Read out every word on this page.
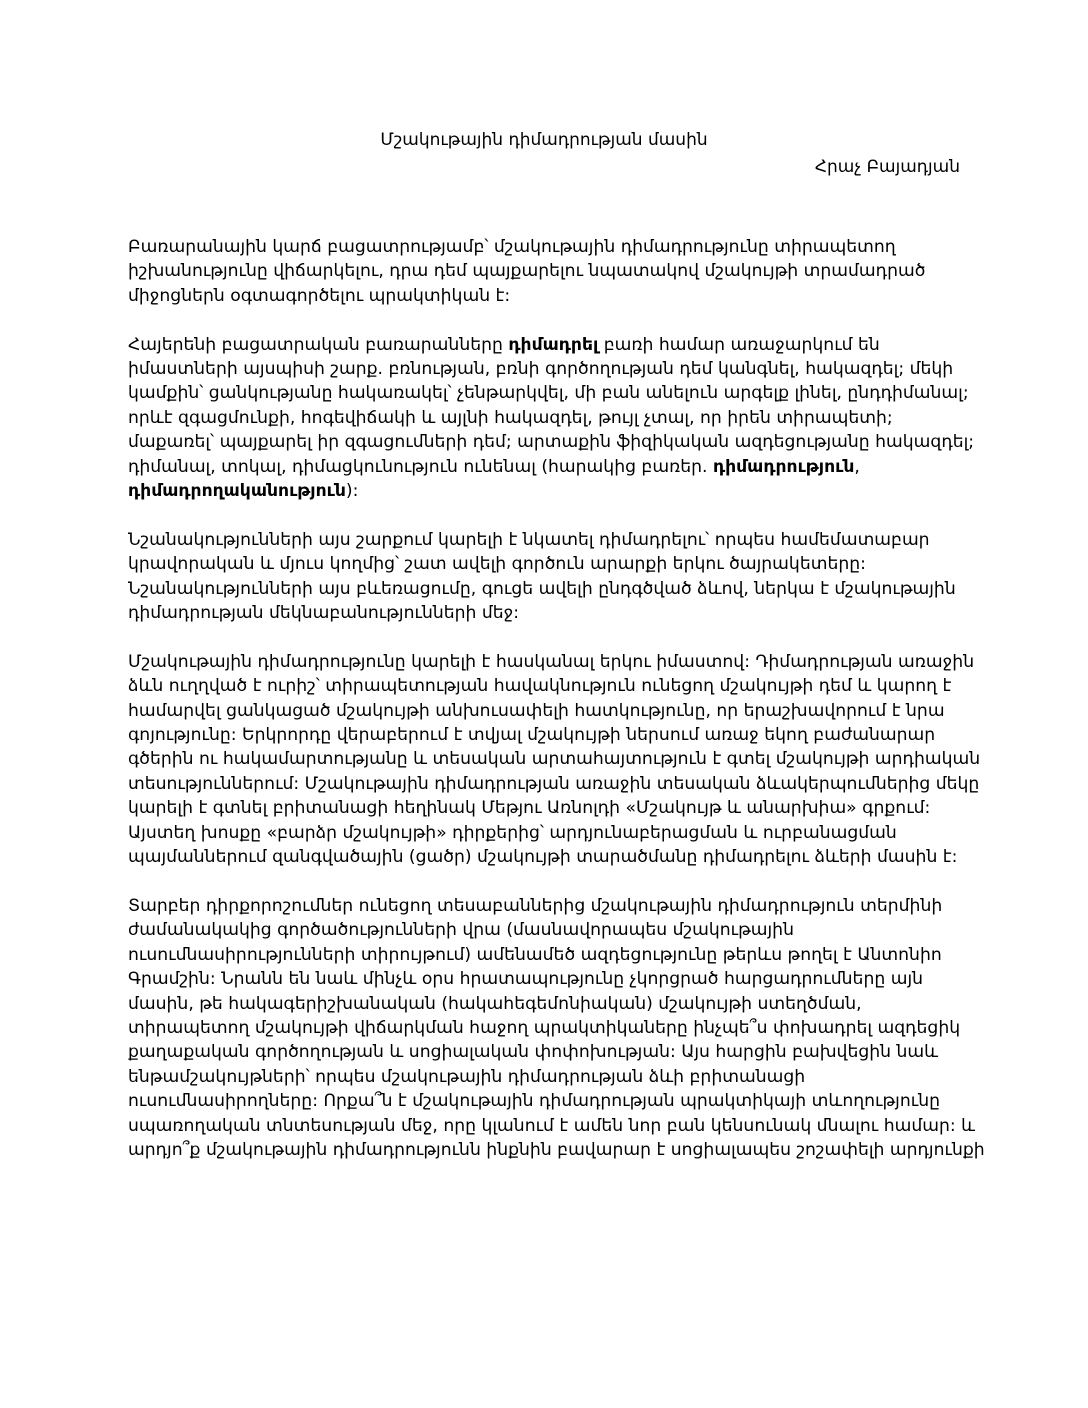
Մշակութային դիմադրության մասին

Հրաչ Բայադյան

Բառարանային կարճ բացատրությամբ՝ մշակութային դիմադրությունը տիրապետող
իշխանությունը վիճարկելու, դրա դեմ պայքարելու նպատակով մշակույթի տրամադրած
միջոցներն օգտագործելու պրակտիկան է:

Հայերենի բացատրական բառարանները դիմադրել բառի համար առաջարկում են
իմաստների այսպիսի շարք. բռնության, բռնի գործողության դեմ կանգնել, հակազդել; մեկի
կամքին՝ ցանկությանը հակառակել՝ չենթարկվել, մի բան անելուն արգելք լինել, ընդդիմանալ;
որևէ զգացմունքի, հոգեվիճակի և այլնի հակազդել, թույլ չտալ, որ իրեն տիրապետի;
մաքառել՝ պայքարել իր զգացումների դեմ; արտաքին ֆիզիկական ազդեցությանը հակազդել;
դիմանալ, տոկալ, դիմացկունություն ունենալ (հարակից բառեր. դիմադրություն,
դիմադրողականություն):

Նշանակությունների այս շարքում կարելի է նկատել դիմադրելու՝ որպես համեմատաբար
կրավորական և մյուս կողմից՝ շատ ավելի գործուն արարքի երկու ծայրակետերը:
Նշանակությունների այս բևեռացումը, գուցե ավելի ընդգծված ձևով, ներկա է մշակութային
դիմադրության մեկնաբանությունների մեջ:

Մշակութային դիմադրությունը կարելի է հասկանալ երկու իմաստով: Դիմադրության առաջին
ձևն ուղղված է ուրիշ՝ տիրապետության հավակնություն ունեցող մշակույթի դեմ և կարող է
համարվել ցանկացած մշակույթի անխուսափելի հատկությունը, որ երաշխավորում է նրա
գոյությունը: Երկրորդը վերաբերում է տվյալ մշակույթի ներսում առաջ եկող բաժանարար
գծերին ու հակամարտությանը և տեսական արտահայտություն է գտել մշակույթի արդիական
տեսություններում: Մշակութային դիմադրության առաջին տեսական ձևակերպումներից մեկը
կարելի է գտնել բրիտանացի հեղինակ Մեթյու Առնոլդի «Մշակույթ և անարխիա» գրքում:
Այստեղ խոսքը «բարձր մշակույթի» դիրքերից՝ արդյունաբերացման և ուրբանացման
պայմաններում զանգվածային (ցածր) մշակույթի տարածմանը դիմադրելու ձևերի մասին է:

Տարբեր դիրքորոշումներ ունեցող տեսաբաններից մշակութային դիմադրություն տերմինի
ժամանակակից գործածությունների վրա (մասնավորապես մշակութային
ուսումնասիրությունների տիրույթում) ամենամեծ ազդեցությունը թերևս թողել է Անտոնիո
Գրամշին: Նրանն են նաև մինչև օրս հրատապությունը չկորցրած հարցադրումները այն
մասին, թե հակագերիշխանական (հակահեգեմոնիական) մշակույթի ստեղծման,
տիրապետող մշակույթի վիճարկման հաջող պրակտիկաները ինչպե՞ս փոխադրել ազդեցիկ
քաղաքական գործողության և սոցիալական փոփոխության: Այս հարցին բախվեցին նաև
ենթամշակույթների՝ որպես մշակութային դիմադրության ձևի բրիտանացի
ուսումնասիրողները: Որքա՞ն է մշակութային դիմադրության պրակտիկայի տևողությունը
սպառողական տնտեսության մեջ, որը կլանում է ամեն նոր բան կենսունակ մնալու համար: և
արդյո՞ք մշակութային դիմադրությունն ինքնին բավարար է սոցիալապես շոշափելի արդյունքի
